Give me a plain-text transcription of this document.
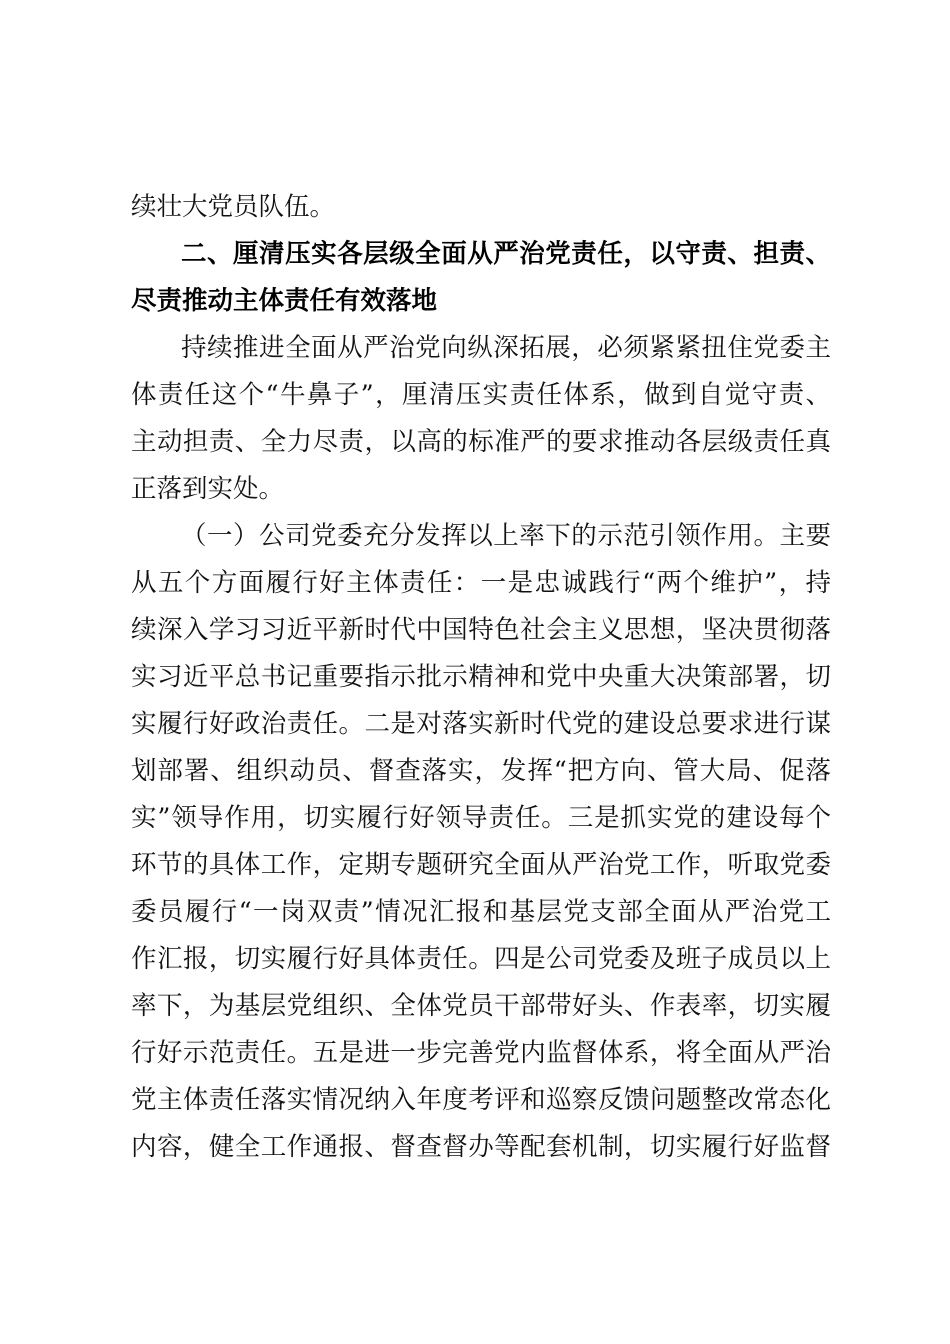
续壮大党员队伍。
二、厘清压实各层级全面从严治党责任，以守责、担责、
尽责推动主体责任有效落地
持续推进全面从严治党向纵深拓展，必须紧紧扭住党委主
体责任这个“牛鼻子”，厘清压实责任体系，做到自觉守责、
主动担责、全力尽责，以高的标准严的要求推动各层级责任真
正落到实处。
（一）公司党委充分发挥以上率下的示范引领作用。主要
从五个方面履行好主体责任：一是忠诚践行“两个维护”，持
续深入学习习近平新时代中国特色社会主义思想，坚决贯彻落
实习近平总书记重要指示批示精神和党中央重大决策部署，切
实履行好政治责任。二是对落实新时代党的建设总要求进行谋
划部署、组织动员、督查落实，发挥“把方向、管大局、促落
实”领导作用，切实履行好领导责任。三是抓实党的建设每个
环节的具体工作，定期专题研究全面从严治党工作，听取党委
委员履行“一岗双责”情况汇报和基层党支部全面从严治党工
作汇报，切实履行好具体责任。四是公司党委及班子成员以上
率下，为基层党组织、全体党员干部带好头、作表率，切实履
行好示范责任。五是进一步完善党内监督体系，将全面从严治
党主体责任落实情况纳入年度考评和巡察反馈问题整改常态化
内容，健全工作通报、督查督办等配套机制，切实履行好监督
